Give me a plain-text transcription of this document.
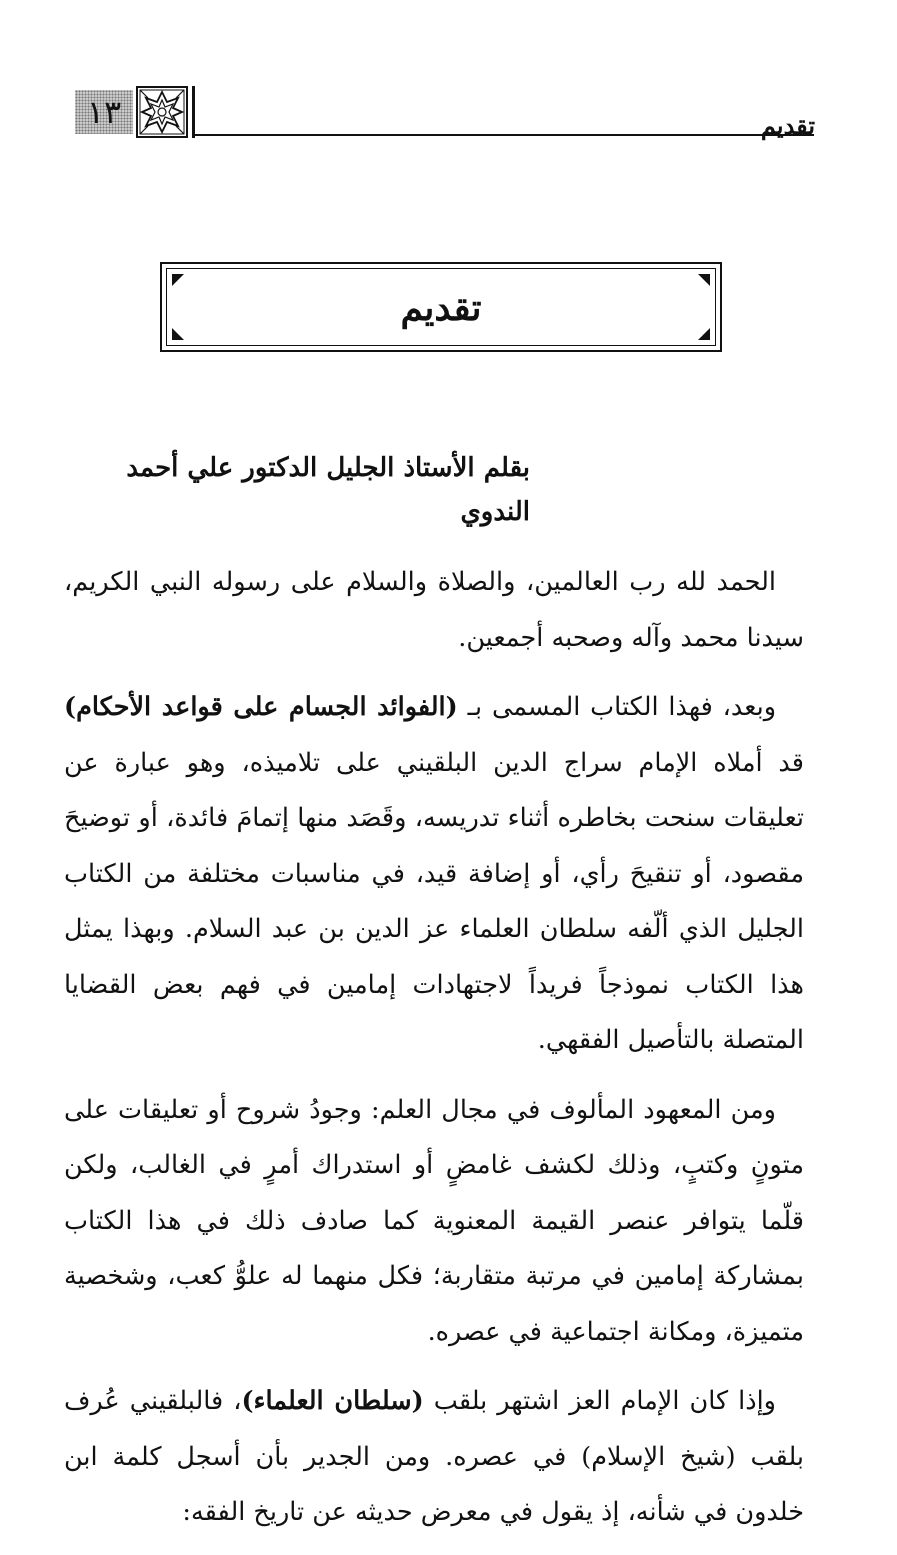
١٣	تقديم
تقديم
بقلم الأستاذ الجليل الدكتور علي أحمد الندوي

الحمد لله رب العالمين، والصلاة والسلام على رسوله النبي الكريم، سيدنا محمد وآله وصحبه أجمعين.

وبعد، فهذا الكتاب المسمى بـ (الفوائد الجسام على قواعد الأحكام) قد أملاه الإمام سراج الدين البلقيني على تلاميذه، وهو عبارة عن تعليقات سنحت بخاطره أثناء تدريسه، وقَصَد منها إتمامَ فائدة، أو توضيحَ مقصود، أو تنقيحَ رأي، أو إضافة قيد، في مناسبات مختلفة من الكتاب الجليل الذي ألّفه سلطان العلماء عز الدين بن عبد السلام. وبهذا يمثل هذا الكتاب نموذجاً فريداً لاجتهادات إمامين في فهم بعض القضايا المتصلة بالتأصيل الفقهي.

ومن المعهود المألوف في مجال العلم: وجودُ شروح أو تعليقات على متونٍ وكتبٍ، وذلك لكشف غامضٍ أو استدراك أمرٍ في الغالب، ولكن قلّما يتوافر عنصر القيمة المعنوية كما صادف ذلك في هذا الكتاب بمشاركة إمامين في مرتبة متقاربة؛ فكل منهما له علوُّ كعب، وشخصية متميزة، ومكانة اجتماعية في عصره.

وإذا كان الإمام العز اشتهر بلقب (سلطان العلماء)، فالبلقيني عُرف بلقب (شيخ الإسلام) في عصره. ومن الجدير بأن أسجل كلمة ابن خلدون في شأنه، إذ يقول في معرض حديثه عن تاريخ الفقه:
